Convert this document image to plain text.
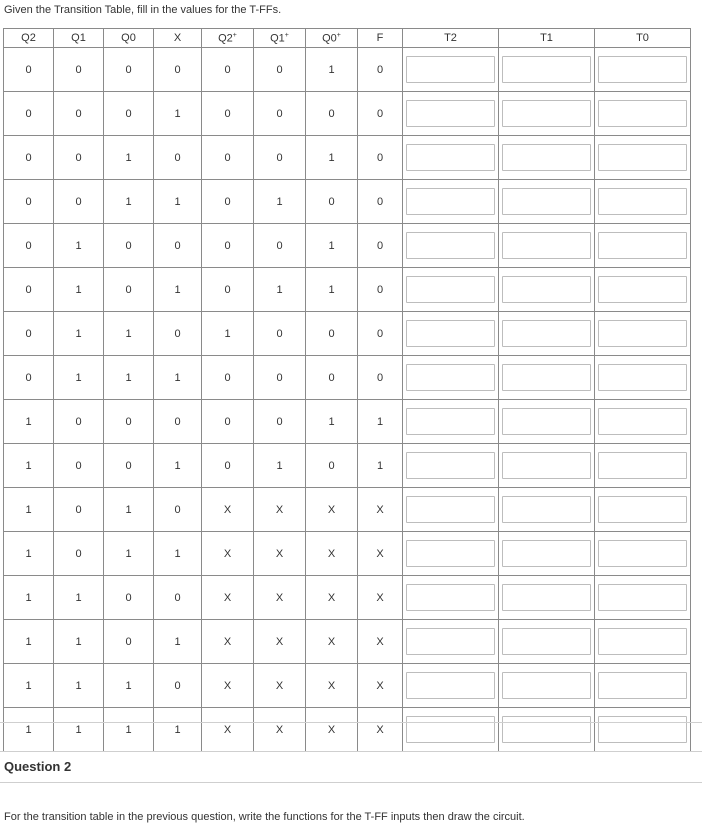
Given the Transition Table, fill in the values for the T-FFs.
Q2	Q1	Q0	X	Q2+	Q1+	Q0+	F	T2	T1	T0
0	0	0	0	0	0	1	0	

0	0	0	1	0	0	0	0	

0	0	1	0	0	0	1	0	

0	0	1	1	0	1	0	0	

0	1	0	0	0	0	1	0	

0	1	0	1	0	1	1	0	

0	1	1	0	1	0	0	0	

0	1	1	1	0	0	0	0	

1	0	0	0	0	0	1	1	

1	0	0	1	0	1	0	1	

1	0	1	0	X	X	X	X	

1	0	1	1	X	X	X	X	

1	1	0	0	X	X	X	X	

1	1	0	1	X	X	X	X	

1	1	1	0	X	X	X	X	

1	1	1	1	X	X	X	X	

Question 2
For the transition table in the previous question, write the functions for the T-FF inputs then draw the circuit.
